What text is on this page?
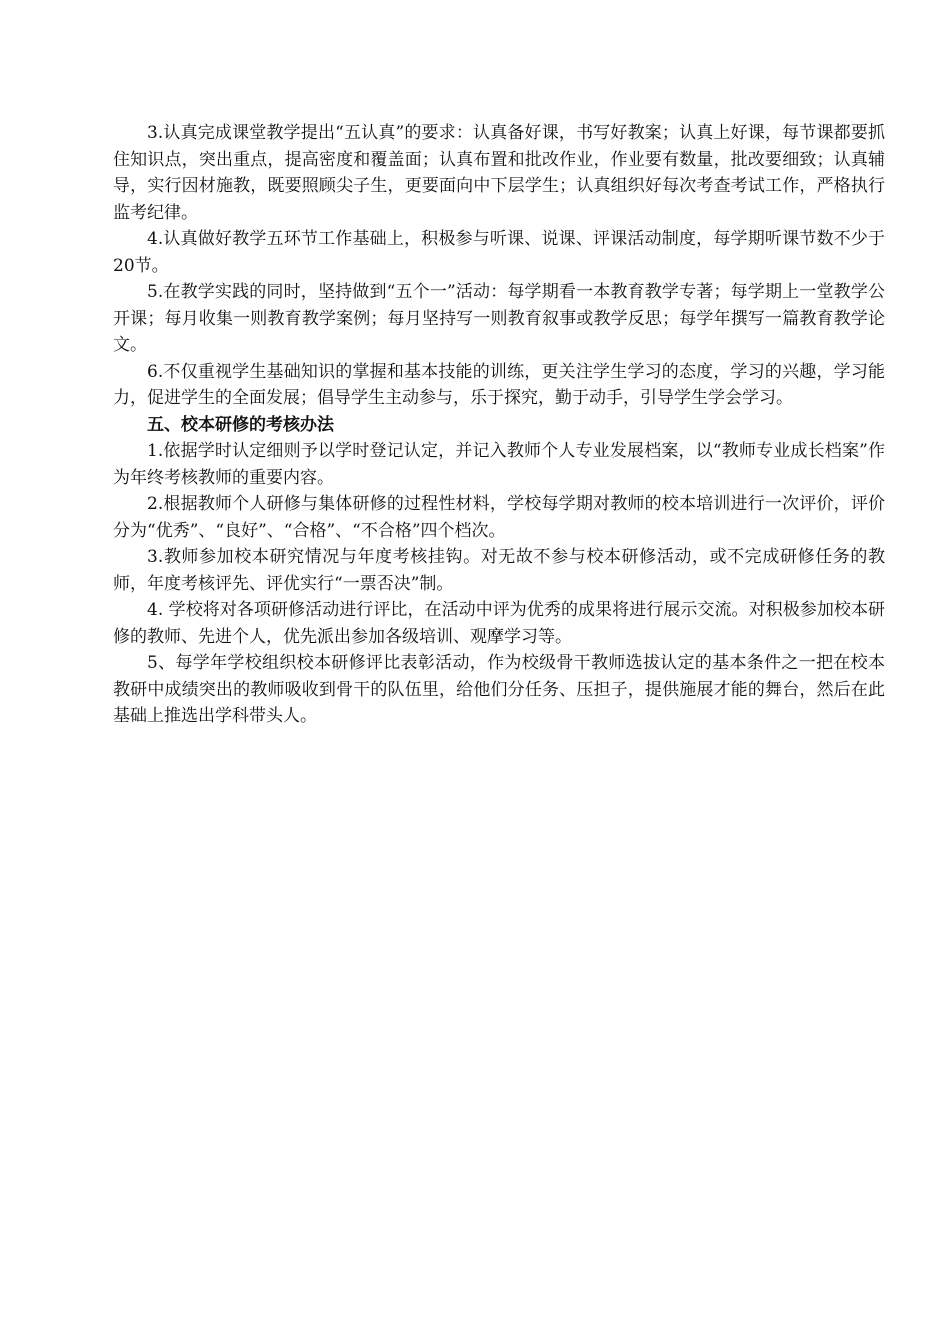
3.认真完成课堂教学提出“五认真”的要求：认真备好课，书写好教案；认真上好课，每节课都要抓住知识点，突出重点，提高密度和覆盖面；认真布置和批改作业，作业要有数量，批改要细致；认真辅导，实行因材施教，既要照顾尖子生，更要面向中下层学生；认真组织好每次考查考试工作，严格执行监考纪律。

4.认真做好教学五环节工作基础上，积极参与听课、说课、评课活动制度，每学期听课节数不少于20节。

5.在教学实践的同时，坚持做到“五个一”活动：每学期看一本教育教学专著；每学期上一堂教学公开课；每月收集一则教育教学案例；每月坚持写一则教育叙事或教学反思；每学年撰写一篇教育教学论文。

6.不仅重视学生基础知识的掌握和基本技能的训练，更关注学生学习的态度，学习的兴趣，学习能力，促进学生的全面发展；倡导学生主动参与，乐于探究，勤于动手，引导学生学会学习。

五、校本研修的考核办法

1.依据学时认定细则予以学时登记认定，并记入教师个人专业发展档案，以“教师专业成长档案”作为年终考核教师的重要内容。

2.根据教师个人研修与集体研修的过程性材料，学校每学期对教师的校本培训进行一次评价，评价分为“优秀”、“良好”、“合格”、“不合格”四个档次。

3.教师参加校本研究情况与年度考核挂钩。对无故不参与校本研修活动，或不完成研修任务的教师，年度考核评先、评优实行“一票否决”制。

4. 学校将对各项研修活动进行评比，在活动中评为优秀的成果将进行展示交流。对积极参加校本研修的教师、先进个人，优先派出参加各级培训、观摩学习等。

5、每学年学校组织校本研修评比表彰活动，作为校级骨干教师选拔认定的基本条件之一把在校本教研中成绩突出的教师吸收到骨干的队伍里，给他们分任务、压担子，提供施展才能的舞台，然后在此基础上推选出学科带头人。
